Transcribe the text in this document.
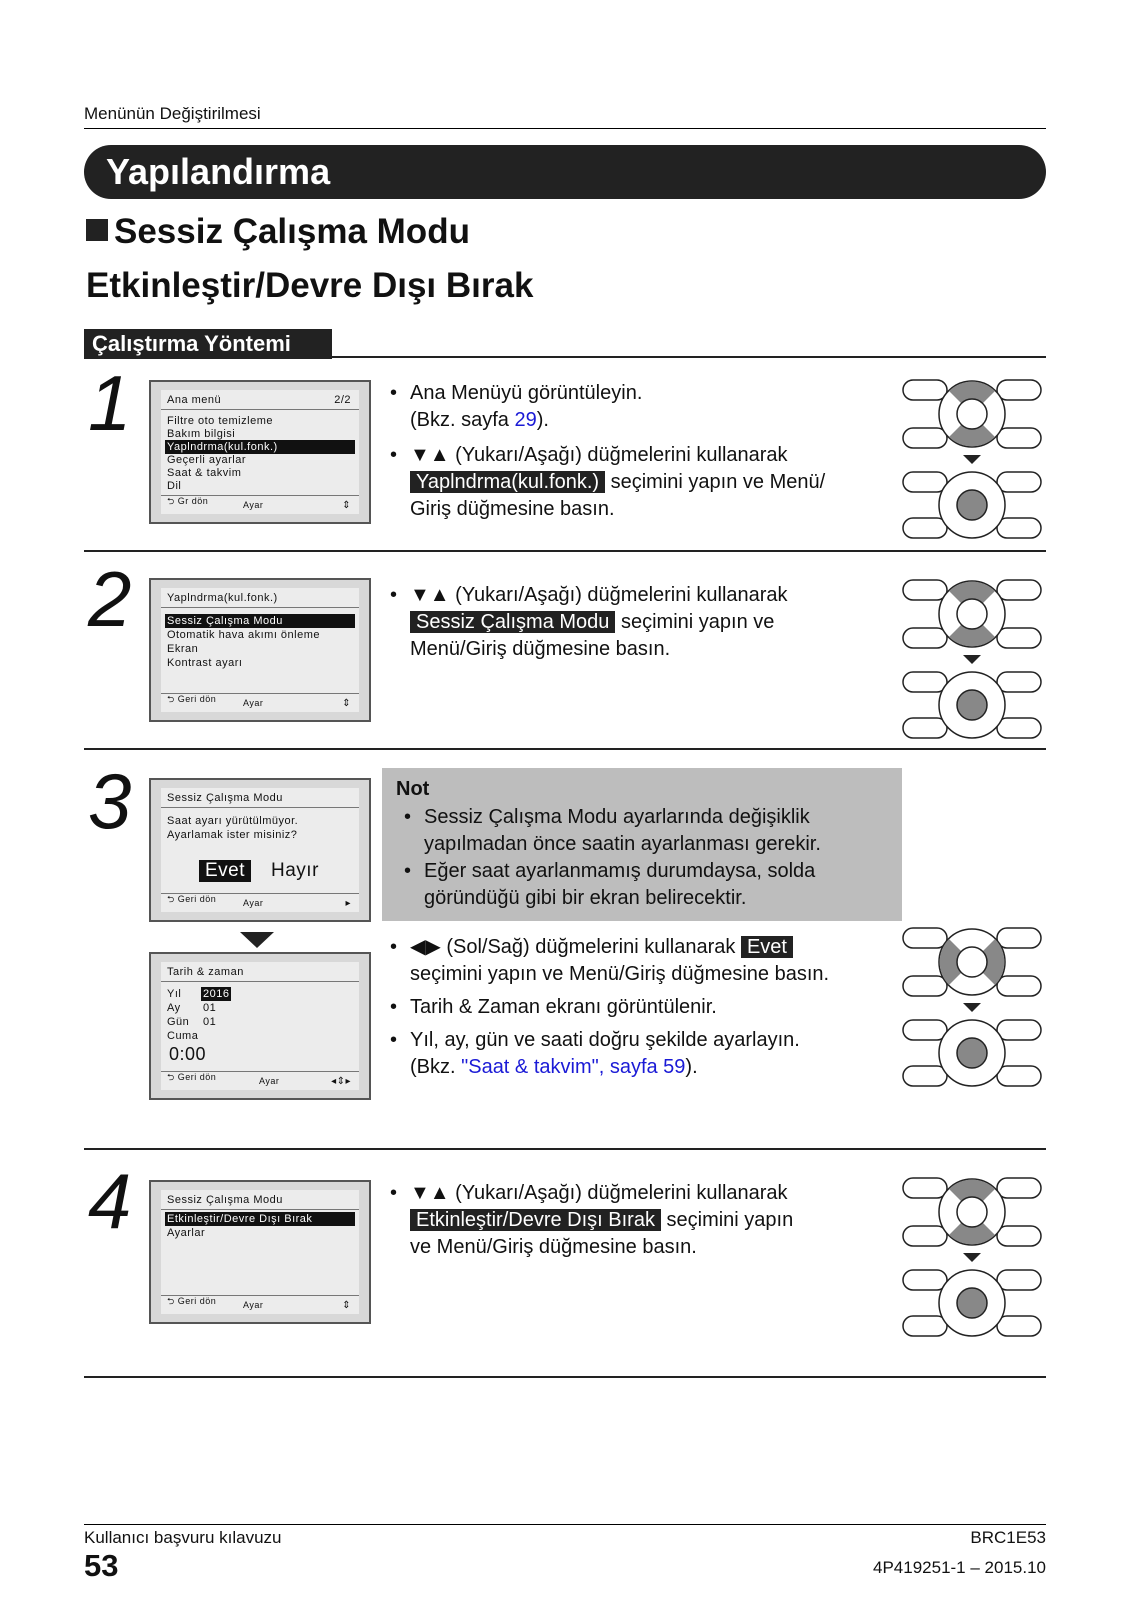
Menünün Değiştirilmesi
Yapılandırma
Sessiz Çalışma Modu
Etkinleştir/Devre Dışı Bırak
Çalıştırma Yöntemi
1	Ana menü	2/2
Filtre oto temizleme
Bakım bilgisi
Yaplndrma(kul.fonk.)
Geçerli ayarlar
Saat & takvim
Dil
⮌ Gr dön	Ayar	⇕
• Ana Menüyü görüntüleyin.
(Bkz. sayfa 29).
• ▼▲ (Yukarı/Aşağı) düğmelerini kullanarak
Yaplndrma(kul.fonk.) seçimini yapın ve Menü/
Giriş düğmesine basın.
2	Yaplndrma(kul.fonk.)
Sessiz Çalışma Modu
Otomatik hava akımı önleme
Ekran
Kontrast ayarı
⮌ Geri dön	Ayar	⇕
• ▼▲ (Yukarı/Aşağı) düğmelerini kullanarak
Sessiz Çalışma Modu seçimini yapın ve
Menü/Giriş düğmesine basın.
3	Sessiz Çalışma Modu
Saat ayarı yürütülmüyor.
Ayarlamak ister misiniz?
Evet	Hayır
⮌ Geri dön	Ayar	▸
Tarih & zaman
Yıl 2016
Ay 01
Gün 01
Cuma
0:00
⮌ Geri dön	Ayar	◂⇕▸
Not
• Sessiz Çalışma Modu ayarlarında değişiklik
yapılmadan önce saatin ayarlanması gerekir.
• Eğer saat ayarlanmamış durumdaysa, solda
göründüğü gibi bir ekran belirecektir.
• ◀▶ (Sol/Sağ) düğmelerini kullanarak Evet
seçimini yapın ve Menü/Giriş düğmesine basın.
• Tarih & Zaman ekranı görüntülenir.
• Yıl, ay, gün ve saati doğru şekilde ayarlayın.
(Bkz. "Saat & takvim", sayfa 59).
4	Sessiz Çalışma Modu
Etkinleştir/Devre Dışı Bırak
Ayarlar
⮌ Geri dön	Ayar	⇕
• ▼▲ (Yukarı/Aşağı) düğmelerini kullanarak
Etkinleştir/Devre Dışı Bırak seçimini yapın
ve Menü/Giriş düğmesine basın.
Kullanıcı başvuru kılavuzu
53
BRC1E53
4P419251-1 – 2015.10
